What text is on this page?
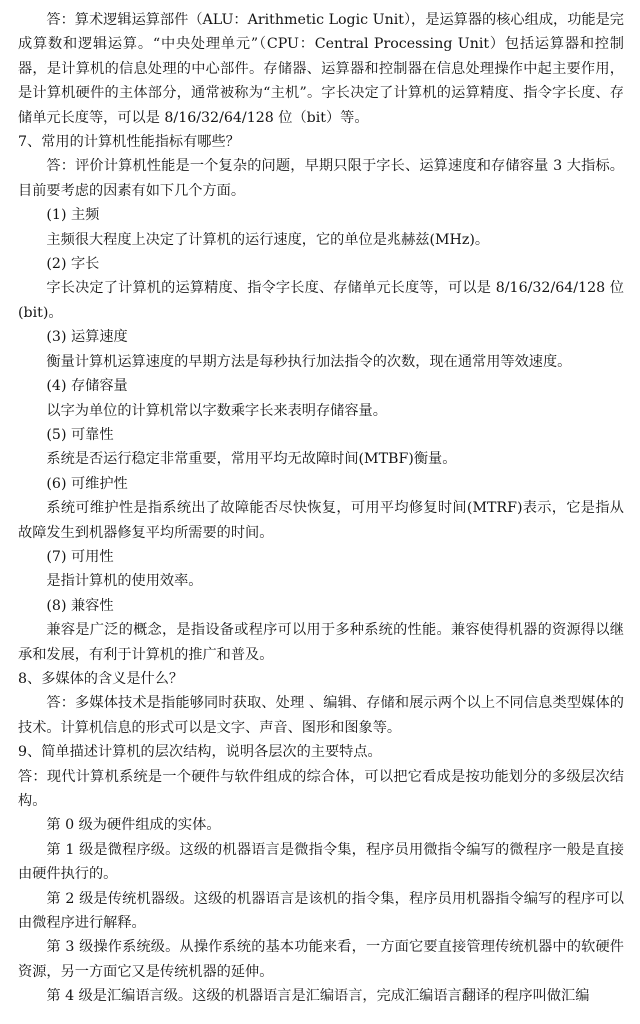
答：算术逻辑运算部件（ALU：Arithmetic Logic Unit），是运算器的核心组成，功能是完成算数和逻辑运算。“中央处理单元”（CPU：Central Processing Unit）包括运算器和控制器，是计算机的信息处理的中心部件。存储器、运算器和控制器在信息处理操作中起主要作用，是计算机硬件的主体部分，通常被称为“主机”。字长决定了计算机的运算精度、指令字长度、存储单元长度等，可以是 8/16/32/64/128 位（bit）等。

7、常用的计算机性能指标有哪些？

答：评价计算机性能是一个复杂的问题，早期只限于字长、运算速度和存储容量 3 大指标。目前要考虑的因素有如下几个方面。

(1) 主频

主频很大程度上决定了计算机的运行速度，它的单位是兆赫兹(MHz)。

(2) 字长

字长决定了计算机的运算精度、指令字长度、存储单元长度等，可以是 8/16/32/64/128 位(bit)。

(3) 运算速度

衡量计算机运算速度的早期方法是每秒执行加法指令的次数，现在通常用等效速度。

(4) 存储容量

以字为单位的计算机常以字数乘字长来表明存储容量。

(5) 可靠性

系统是否运行稳定非常重要，常用平均无故障时间(MTBF)衡量。

(6) 可维护性

系统可维护性是指系统出了故障能否尽快恢复，可用平均修复时间(MTRF)表示，它是指从故障发生到机器修复平均所需要的时间。

(7) 可用性

是指计算机的使用效率。

(8) 兼容性

兼容是广泛的概念，是指设备或程序可以用于多种系统的性能。兼容使得机器的资源得以继承和发展，有利于计算机的推广和普及。

8、多媒体的含义是什么？

答：多媒体技术是指能够同时获取、处理 、编辑、存储和展示两个以上不同信息类型媒体的技术。计算机信息的形式可以是文字、声音、图形和图象等。

9、简单描述计算机的层次结构，说明各层次的主要特点。

答：现代计算机系统是一个硬件与软件组成的综合体，可以把它看成是按功能划分的多级层次结构。

第 0 级为硬件组成的实体。

第 1 级是微程序级。这级的机器语言是微指令集，程序员用微指令编写的微程序一般是直接由硬件执行的。

第 2 级是传统机器级。这级的机器语言是该机的指令集，程序员用机器指令编写的程序可以由微程序进行解释。

第 3 级操作系统级。从操作系统的基本功能来看，一方面它要直接管理传统机器中的软硬件资源，另一方面它又是传统机器的延伸。

第 4 级是汇编语言级。这级的机器语言是汇编语言，完成汇编语言翻译的程序叫做汇编
